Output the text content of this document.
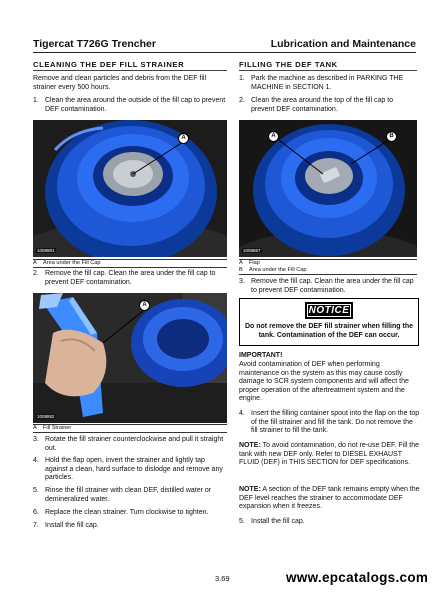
Tigercat T726G Trencher	Lubrication and Maintenance
CLEANING THE DEF FILL STRAINER
Remove and clean particles and debris from the DEF fill strainer every 500 hours.
1. Clean the area around the outside of the fill cap to prevent DEF contamination.
A
1008881
A	Area under the Fill Cap
2. Remove the fill cap. Clean the area under the fill cap to prevent DEF contamination.
A
1008882
A	Fill Strainer
3. Rotate the fill strainer counterclockwise and pull it straight out.
4. Hold the flap open, invert the strainer and lightly tap against a clean, hard surface to dislodge and remove any particles.
5. Rinse the fill strainer with clean DEF, distilled water or demineralized water.
6. Replace the clean strainer. Turn clockwise to tighten.
7. Install the fill cap.
FILLING THE DEF TANK
1. Park the machine as described in PARKING THE MACHINE in SECTION 1.
2. Clean the area around the top of the fill cap to prevent DEF contamination.
A	B
1008867
A	Flap
B	Area under the Fill Cap
3. Remove the fill cap. Clean the area under the fill cap to prevent DEF contamination.
NOTICE
Do not remove the DEF fill strainer when filling the tank. Contamination of the DEF can occur.
IMPORTANT!
Avoid contamination of DEF when performing maintenance on the system as this may cause costly damage to SCR system components and will affect the proper operation of the aftertreatment system and the engine.
4. Insert the filling container spout into the flap on the top of the fill strainer and fill the tank. Do not remove the fill strainer to fill the tank.
NOTE: To avoid contamination, do not re-use DEF. Fill the tank with new DEF only. Refer to DIESEL EXHAUST FLUID (DEF) in THIS SECTION for DEF specifications.
NOTE: A section of the DEF tank remains empty when the DEF level reaches the strainer to accommodate DEF expansion when it freezes.
5. Install the fill cap.
3.69	www.epcatalogs.com
